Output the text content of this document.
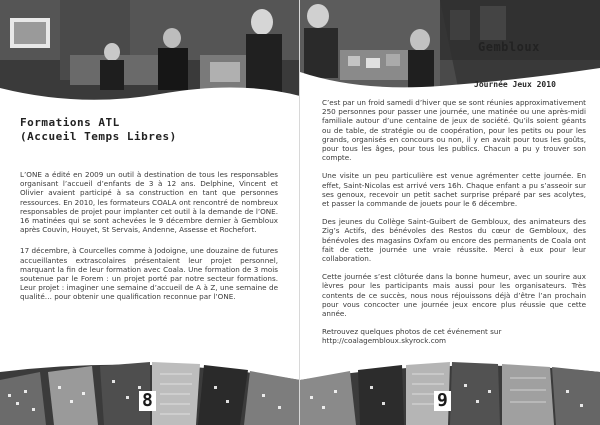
Formations ATL
(Accueil Temps Libres)

L’ONE a édité en 2009 un outil à destination de tous les responsables organisant l’accueil d’enfants de 3 à 12 ans. Delphine, Vincent et Olivier avaient participé à sa construction en tant que personnes ressources. En 2010, les formateurs COALA ont rencontré de nombreux responsables de projet pour implanter cet outil à la demande de l’ONE. 16 matinées qui se sont achevées le 9 décembre dernier à Gembloux après Couvin, Houyet, St Servais, Andenne, Assesse et Rochefort.

17 décembre, à Courcelles comme à Jodoigne, une douzaine de futures accueillantes extrascolaires présentaient leur projet personnel, marquant la fin de leur formation avec Coala. Une formation de 3 mois soutenue par le Forem : un projet porté par notre secteur formations. Leur projet : imaginer une semaine d’accueil de A à Z, une semaine de qualité… pour obtenir une qualification reconnue par l’ONE.

Gembloux
Journée Jeux 2010

C’est par un froid samedi d’hiver que se sont réunies approximativement 250 personnes pour passer une journée, une matinée ou une après-midi familiale autour d’une centaine de jeux de société. Qu’ils soient géants ou de table, de stratégie ou de coopération, pour les petits ou pour les grands, organisés en concours ou non, il y en avait pour tous les goûts, pour tous les âges, pour tous les publics. Chacun a pu y trouver son compte.

Une visite un peu particulière est venue agrémenter cette journée. En effet, Saint-Nicolas est arrivé vers 16h. Chaque enfant a pu s’asseoir sur ses genoux, recevoir un petit sachet surprise préparé par ses acolytes, et passer la commande de jouets pour le 6 décembre.

Des jeunes du Collège Saint-Guibert de Gembloux, des animateurs des Zig’s Actifs, des bénévoles des Restos du cœur de Gembloux, des bénévoles des magasins Oxfam ou encore des permanents de Coala ont fait de cette journée une vraie réussite. Merci à eux pour leur collaboration.

Cette journée s’est clôturée dans la bonne humeur, avec un sourire aux lèvres pour les participants mais aussi pour les organisateurs. Très contents de ce succès, nous nous réjouissons déjà d’être l’an prochain pour vous concocter une journée jeux encore plus réussie que cette année.

Retrouvez quelques photos de cet événement sur http://coalagembloux.skyrock.com

8	9
